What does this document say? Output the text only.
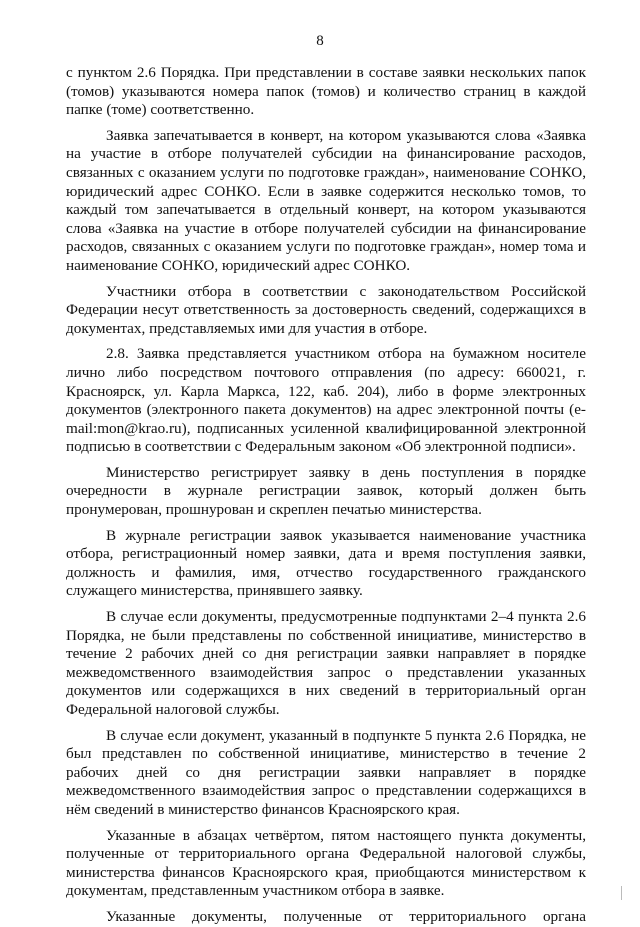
8

с пунктом 2.6 Порядка. При представлении в составе заявки нескольких папок (томов) указываются номера папок (томов) и количество страниц в каждой папке (томе) соответственно.

Заявка запечатывается в конверт, на котором указываются слова «Заявка на участие в отборе получателей субсидии на финансирование расходов, связанных с оказанием услуги по подготовке граждан», наименование СОНКО, юридический адрес СОНКО. Если в заявке содержится несколько томов, то каждый том запечатывается в отдельный конверт, на котором указываются слова «Заявка на участие в отборе получателей субсидии на финансирование расходов, связанных с оказанием услуги по подготовке граждан», номер тома и наименование СОНКО, юридический адрес СОНКО.

Участники отбора в соответствии с законодательством Российской Федерации несут ответственность за достоверность сведений, содержащихся в документах, представляемых ими для участия в отборе.

2.8. Заявка представляется участником отбора на бумажном носителе лично либо посредством почтового отправления (по адресу: 660021, г. Красноярск, ул. Карла Маркса, 122, каб. 204), либо в форме электронных документов (электронного пакета документов) на адрес электронной почты (e-mail:mon@krao.ru), подписанных усиленной квалифицированной электронной подписью в соответствии с Федеральным законом «Об электронной подписи».

Министерство регистрирует заявку в день поступления в порядке очередности в журнале регистрации заявок, который должен быть пронумерован, прошнурован и скреплен печатью министерства.

В журнале регистрации заявок указывается наименование участника отбора, регистрационный номер заявки, дата и время поступления заявки, должность и фамилия, имя, отчество государственного гражданского служащего министерства, принявшего заявку.

В случае если документы, предусмотренные подпунктами 2–4 пункта 2.6 Порядка, не были представлены по собственной инициативе, министерство в течение 2 рабочих дней со дня регистрации заявки направляет в порядке межведомственного взаимодействия запрос о представлении указанных документов или содержащихся в них сведений в территориальный орган Федеральной налоговой службы.

В случае если документ, указанный в подпункте 5 пункта 2.6 Порядка, не был представлен по собственной инициативе, министерство в течение 2 рабочих дней со дня регистрации заявки направляет в порядке межведомственного взаимодействия запрос о представлении содержащихся в нём сведений в министерство финансов Красноярского края.

Указанные в абзацах четвёртом, пятом настоящего пункта документы, полученные от территориального органа Федеральной налоговой службы, министерства финансов Красноярского края, приобщаются министерством к документам, представленным участником отбора в заявке.

Указанные документы, полученные от территориального органа
